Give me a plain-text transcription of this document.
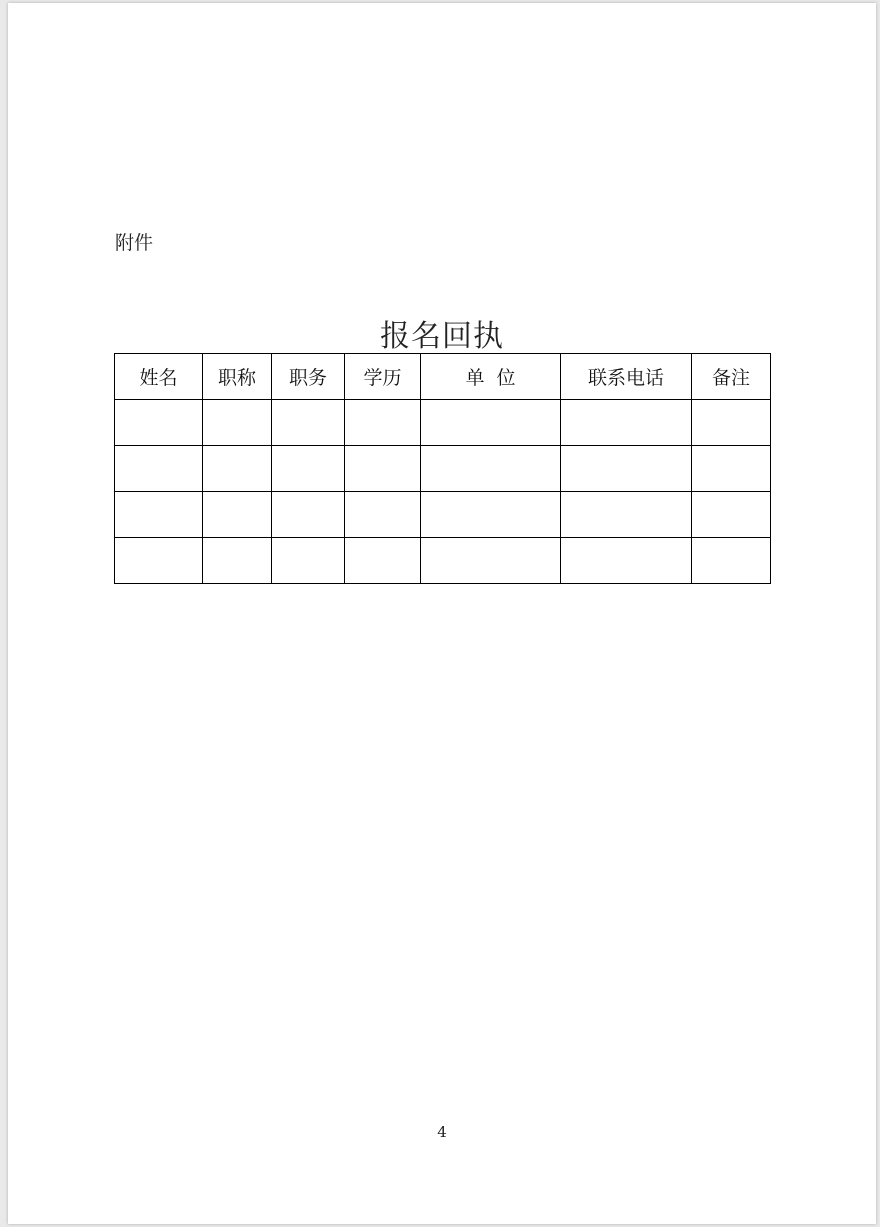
附件
报名回执
姓名	职称	职务	学历	单  位	联系电话	备注

4
